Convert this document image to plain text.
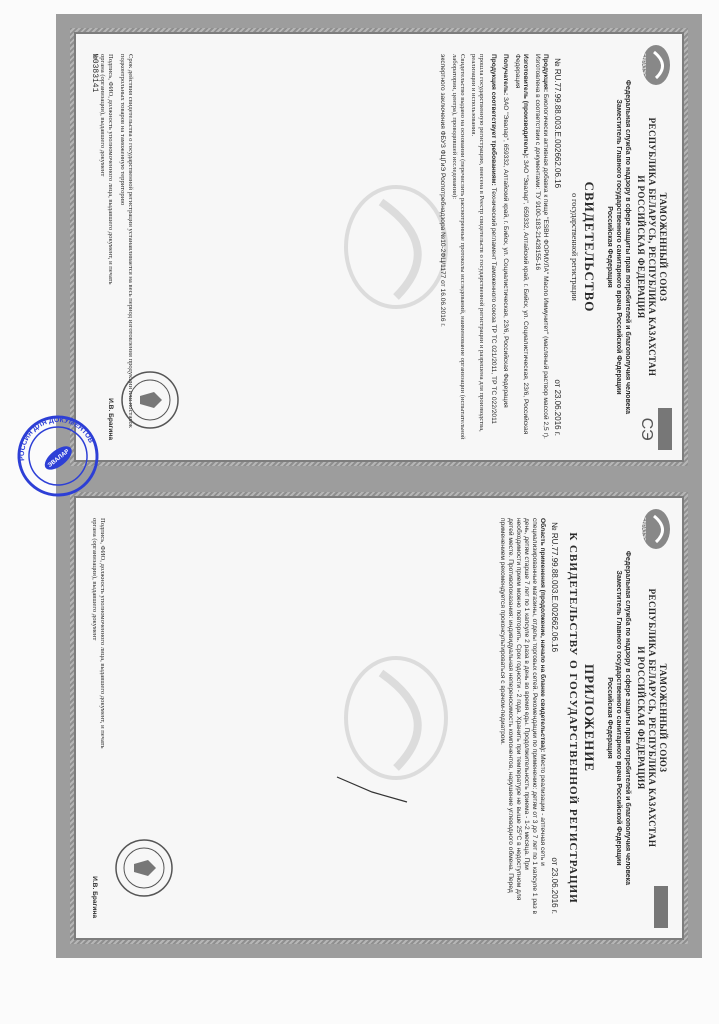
ЕВРАЗЭС
СЭ
ТАМОЖЕННЫЙ СОЮЗ
РЕСПУБЛИКА БЕЛАРУСЬ, РЕСПУБЛИКА КАЗАХСТАН
И РОССИЙСКАЯ ФЕДЕРАЦИЯ
Федеральная служба по надзору в сфере защиты прав потребителей и благополучия человека
Заместитель Главного государственного санитарного врача Российской Федерации
Российская Федерация
СВИДЕТЕЛЬСТВО
о государственной регистрации
№ RU.77.99.88.003.Е.002662.06.16
от 23.06.2016 г.
Продукция: Биологически активная добавка к пище "ESBH ФОРМУЛА" Масло Иммунитет" (масляный раствор массой 2,5 г). Изготовлена в соответствии с документами: ТУ 9100-183-21428155-16
Изготовитель (производитель): ЗАО "Эвалар", 659332, Алтайский край, г. Бийск, ул. Социалистическая, 23/6, Российская Федерация
Получатель: ЗАО "Эвалар", 659332, Алтайский край, г. Бийск, ул. Социалистическая, 23/6, Российская Федерация
Продукция соответствует требованиям: Технический регламент Таможенного союза ТР ТС 021/2011, ТР ТС 022/2011
прошла государственную регистрацию, внесена в Реестр свидетельств о государственной регистрации и разрешена для производства, реализации и использования.
Свидетельство выдано на основании (перечислить рассмотренные протоколы исследований, наименование организации (испытательной лаборатории, центра), проводившей исследования):
экспертного заключения ФБУЗ ФЦГиЭ Роспотребнадзора №10-2ФЦ/1177 от 16.06.2016 г.
Срок действия свидетельства о государственной регистрации устанавливается на весь период изготовления продукции или поставок подконтрольных товаров на таможенную территорию
Подпись, ФИО, должность уполномоченного лица, выдавшего документ, и печать органа (организации), выдавшего документ
И.В. Брагина
№0383141
ЕВРАЗЭС
ТАМОЖЕННЫЙ СОЮЗ
РЕСПУБЛИКА БЕЛАРУСЬ, РЕСПУБЛИКА КАЗАХСТАН
И РОССИЙСКАЯ ФЕДЕРАЦИЯ
Федеральная служба по надзору в сфере защиты прав потребителей и благополучия человека
Заместитель Главного государственного санитарного врача Российской Федерации
Российская Федерация
ПРИЛОЖЕНИЕ
К СВИДЕТЕЛЬСТВУ О ГОСУДАРСТВЕННОЙ РЕГИСТРАЦИИ
№ RU.77.99.88.003.Е.002662.06.16
от 23.06.2016 г.
Область применения (продолжение, начало на бланке свидетельства): Место реализации - аптечная сеть и специализированные магазины, отделы торговых сетей. Рекомендации по применению: детям от 3 до 7 лет по 1 капсуле 1 раз в день, детям старше 7 лет по 1 капсуле 2 раза в день во время еды. Продолжительность приема - 1-2 месяца. При необходимости прием можно повторить. Срок годности - 2 года. Хранить при температуре не выше 25°С в недоступном для детей месте. Противопоказания: индивидуальная непереносимость компонентов, нарушение углеводного обмена. Перед применением рекомендуется проконсультироваться с врачом-педиатром.
Подпись, ФИО, должность уполномоченного лица, выдавшего документ, и печать органа (организации), выдавшего документ
И.В. Брагина
РОССИЯ ДЛЯ ДОКУМЕНТОВ
ЭВАЛАР
